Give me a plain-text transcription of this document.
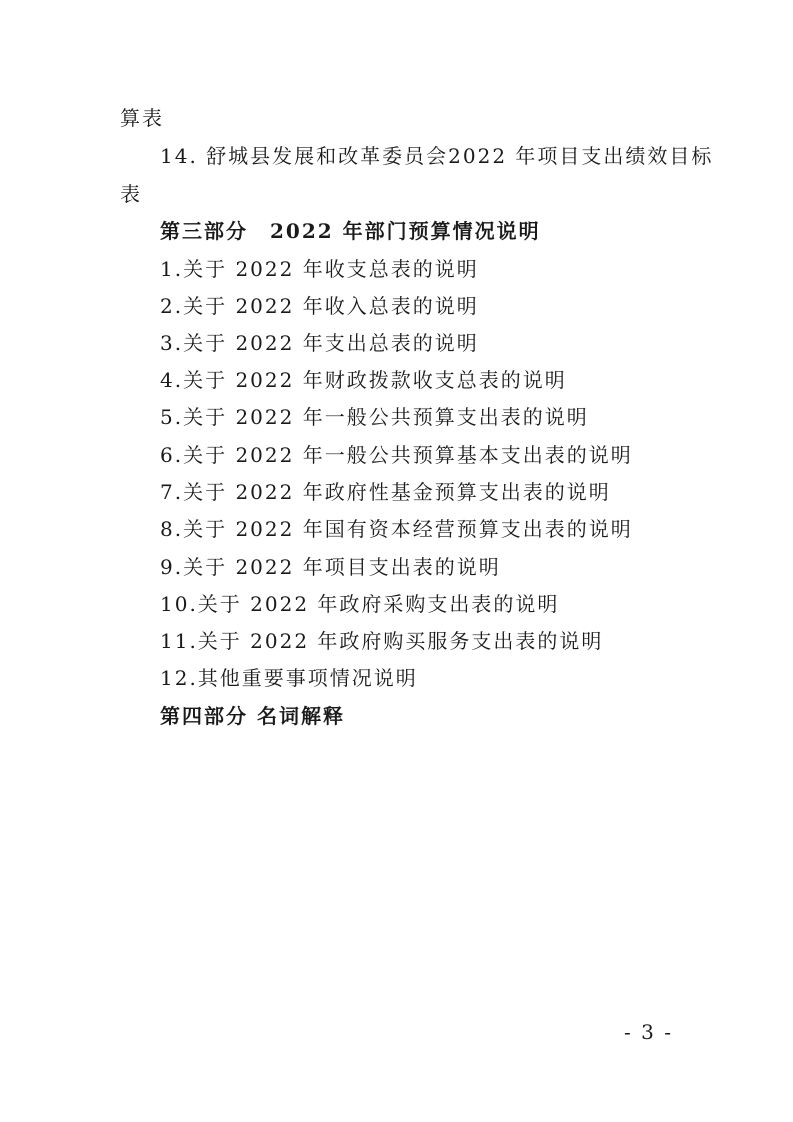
算表
14. 舒城县发展和改革委员会2022 年项目支出绩效目标
表
第三部分　2022 年部门预算情况说明
1.关于 2022 年收支总表的说明
2.关于 2022 年收入总表的说明
3.关于 2022 年支出总表的说明
4.关于 2022 年财政拨款收支总表的说明
5.关于 2022 年一般公共预算支出表的说明
6.关于 2022 年一般公共预算基本支出表的说明
7.关于 2022 年政府性基金预算支出表的说明
8.关于 2022 年国有资本经营预算支出表的说明
9.关于 2022 年项目支出表的说明
10.关于 2022 年政府采购支出表的说明
11.关于 2022 年政府购买服务支出表的说明
12.其他重要事项情况说明
第四部分 名词解释
- 3 -
